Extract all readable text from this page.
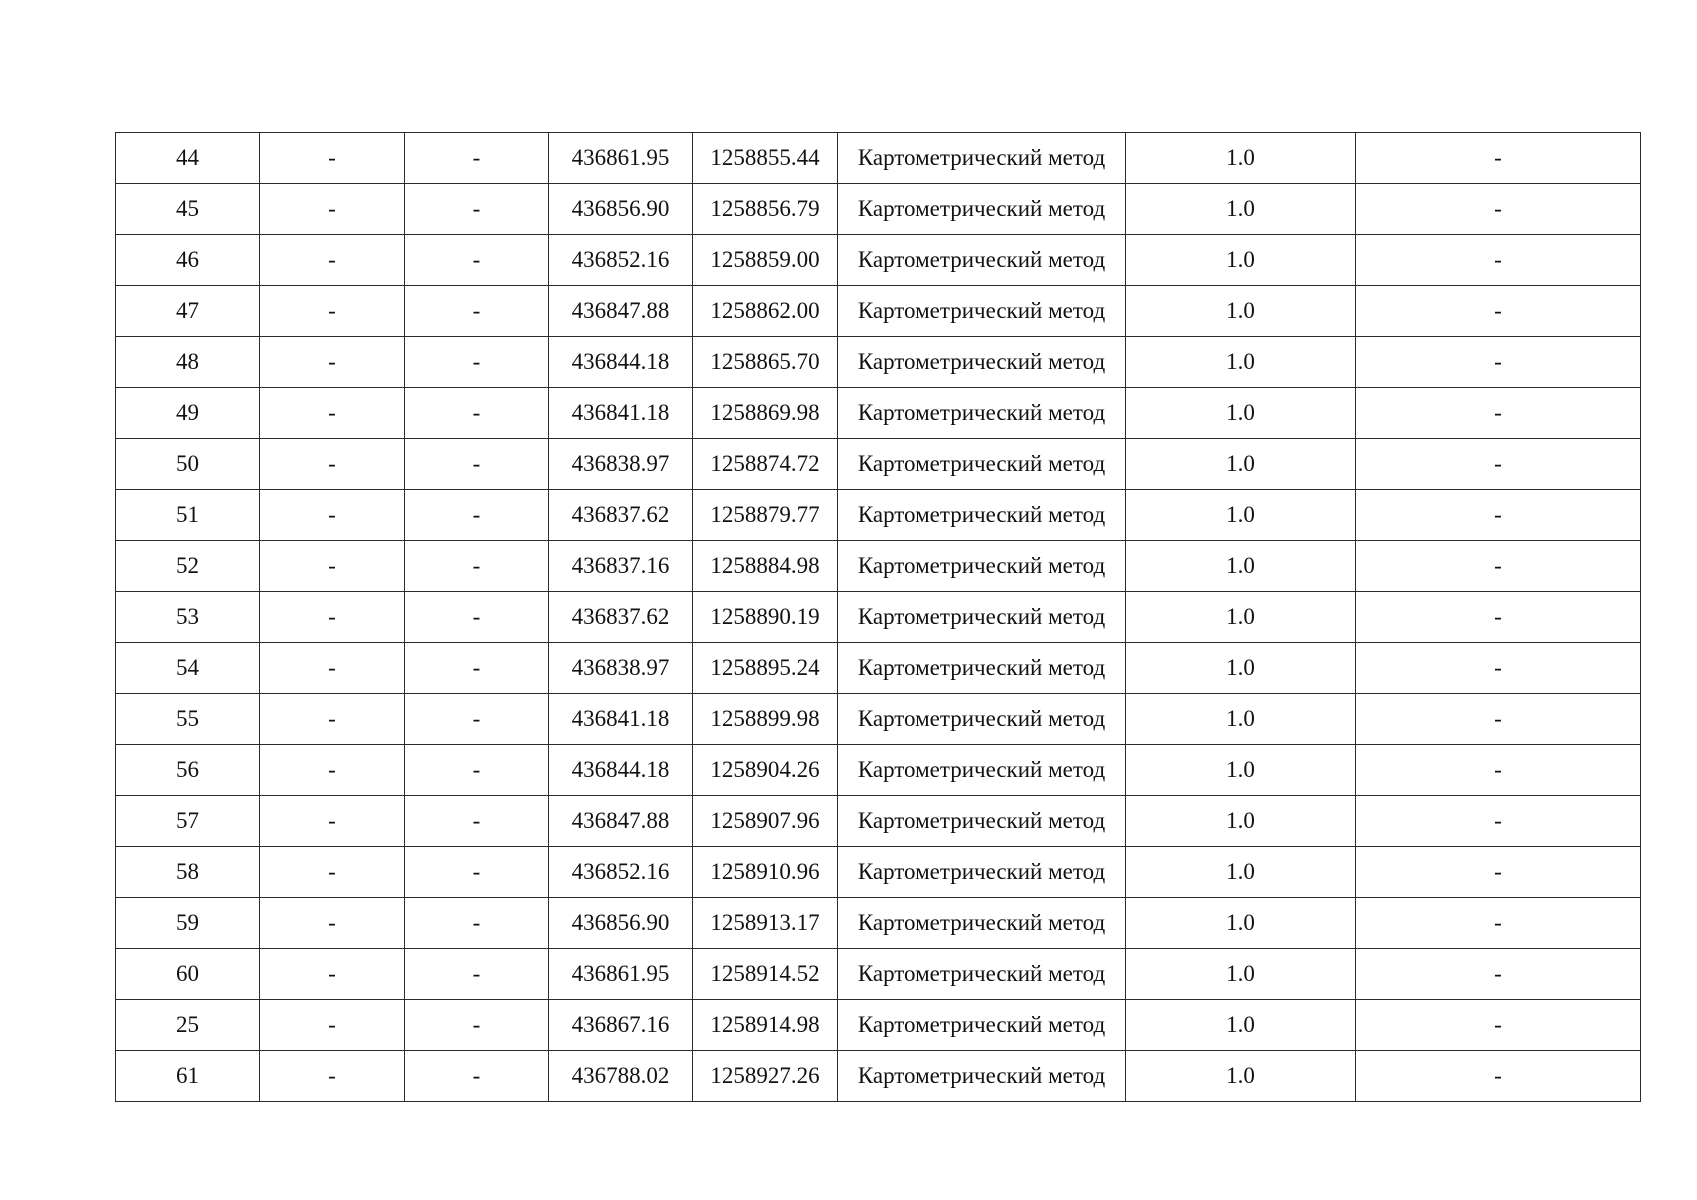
44	-	-	436861.95	1258855.44	Картометрический метод	1.0	-
45	-	-	436856.90	1258856.79	Картометрический метод	1.0	-
46	-	-	436852.16	1258859.00	Картометрический метод	1.0	-
47	-	-	436847.88	1258862.00	Картометрический метод	1.0	-
48	-	-	436844.18	1258865.70	Картометрический метод	1.0	-
49	-	-	436841.18	1258869.98	Картометрический метод	1.0	-
50	-	-	436838.97	1258874.72	Картометрический метод	1.0	-
51	-	-	436837.62	1258879.77	Картометрический метод	1.0	-
52	-	-	436837.16	1258884.98	Картометрический метод	1.0	-
53	-	-	436837.62	1258890.19	Картометрический метод	1.0	-
54	-	-	436838.97	1258895.24	Картометрический метод	1.0	-
55	-	-	436841.18	1258899.98	Картометрический метод	1.0	-
56	-	-	436844.18	1258904.26	Картометрический метод	1.0	-
57	-	-	436847.88	1258907.96	Картометрический метод	1.0	-
58	-	-	436852.16	1258910.96	Картометрический метод	1.0	-
59	-	-	436856.90	1258913.17	Картометрический метод	1.0	-
60	-	-	436861.95	1258914.52	Картометрический метод	1.0	-
25	-	-	436867.16	1258914.98	Картометрический метод	1.0	-
61	-	-	436788.02	1258927.26	Картометрический метод	1.0	-
